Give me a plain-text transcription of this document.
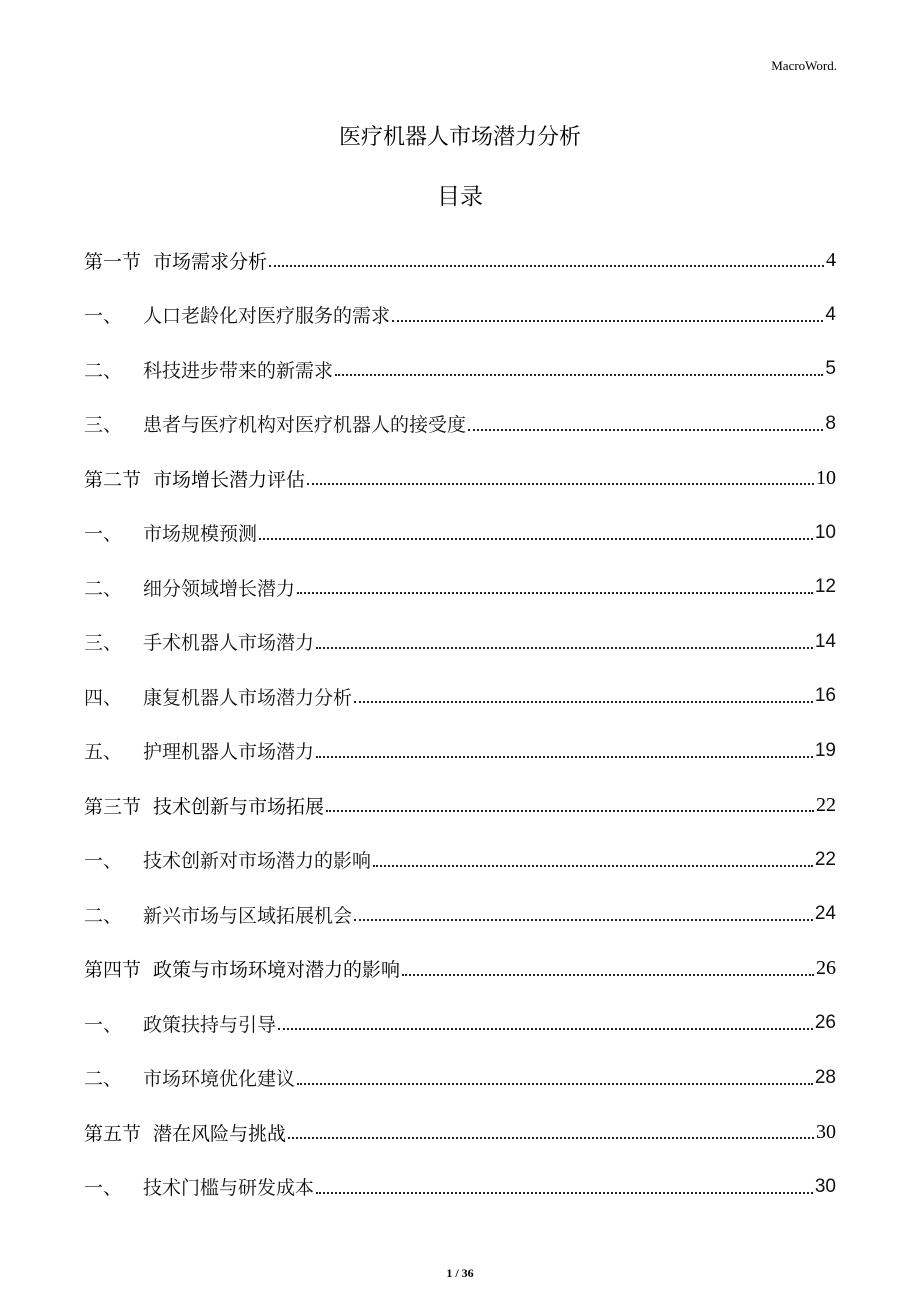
MacroWord.
医疗机器人市场潜力分析
目录
第一节 市场需求分析	4
一、	人口老龄化对医疗服务的需求	4
二、	科技进步带来的新需求	5
三、	患者与医疗机构对医疗机器人的接受度	8
第二节 市场增长潜力评估	10
一、	市场规模预测	10
二、	细分领域增长潜力	12
三、	手术机器人市场潜力	14
四、	康复机器人市场潜力分析	16
五、	护理机器人市场潜力	19
第三节 技术创新与市场拓展	22
一、	技术创新对市场潜力的影响	22
二、	新兴市场与区域拓展机会	24
第四节 政策与市场环境对潜力的影响	26
一、	政策扶持与引导	26
二、	市场环境优化建议	28
第五节 潜在风险与挑战	30
一、	技术门槛与研发成本	30
1 / 36
